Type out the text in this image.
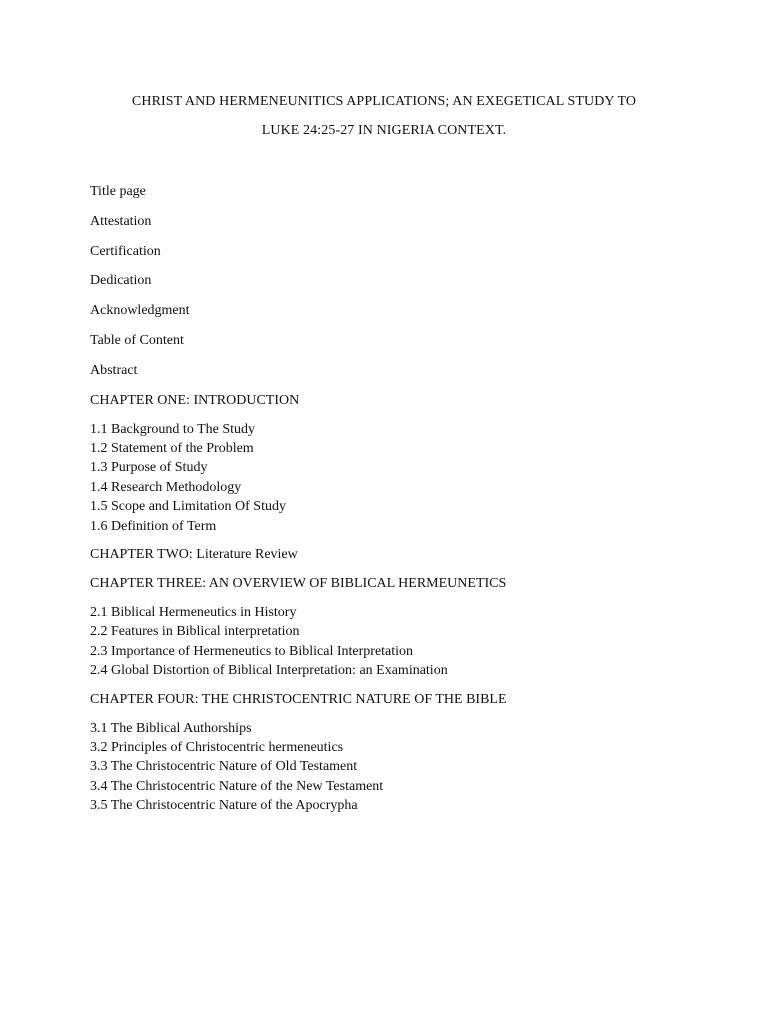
CHRIST AND HERMENEUNITICS APPLICATIONS; AN EXEGETICAL STUDY TO
LUKE 24:25-27 IN NIGERIA CONTEXT.
Title page
Attestation
Certification
Dedication
Acknowledgment
Table of Content
Abstract
CHAPTER ONE: INTRODUCTION
1.1 Background to The Study
1.2 Statement of the Problem
1.3 Purpose of Study
1.4 Research Methodology
1.5 Scope and Limitation Of Study
1.6 Definition of Term
CHAPTER TWO: Literature Review
CHAPTER THREE: AN OVERVIEW OF BIBLICAL HERMEUNETICS
2.1 Biblical Hermeneutics in History
2.2 Features in Biblical interpretation
2.3 Importance of Hermeneutics to Biblical Interpretation
2.4 Global Distortion of Biblical Interpretation: an Examination
CHAPTER FOUR: THE CHRISTOCENTRIC NATURE OF THE BIBLE
3.1 The Biblical Authorships
3.2 Principles of Christocentric hermeneutics
3.3 The Christocentric Nature of Old Testament
3.4 The Christocentric Nature of the New Testament
3.5 The Christocentric Nature of the Apocrypha
